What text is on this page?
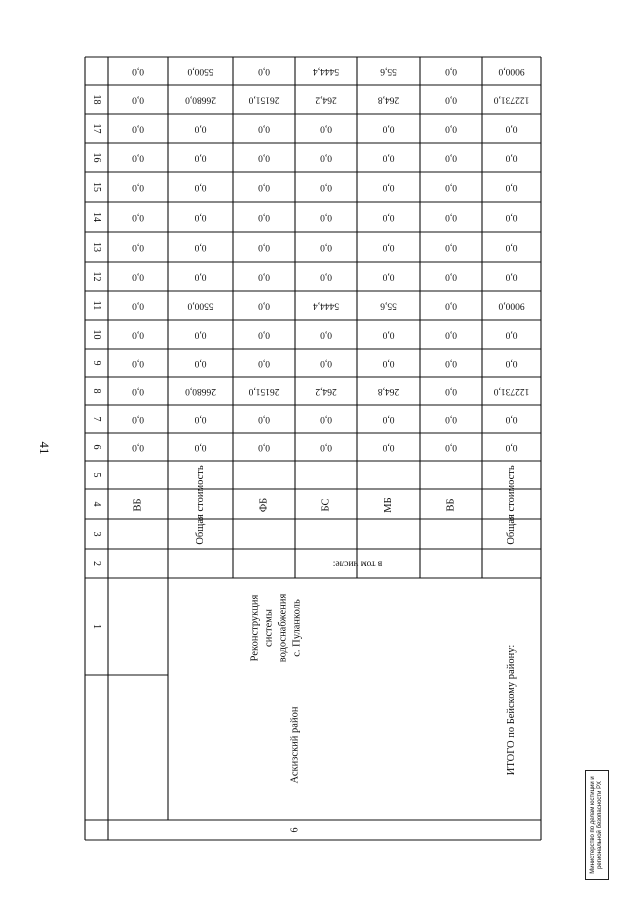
41
1
2
3
4
5
6
7
8
9
10
11
12
13
14
15
16
17
18
0,0
0,0
0,0
0,0
0,0
0,0
0,0
0,0
0,0
0,0
0,0
0,0
0,0
0,0
ВБ
5500,0
26680,0
0,0
0,0
0,0
0,0
0,0
0,0
5500,0
0,0
0,0
26680,0
0,0
0,0
Общая стоимость
0,0
26151,0
0,0
0,0
0,0
0,0
0,0
0,0
0,0
0,0
0,0
26151,0
0,0
0,0
ФБ
5444,4
264,2
0,0
0,0
0,0
0,0
0,0
0,0
5444,4
0,0
0,0
264,2
0,0
0,0
БС
55,6
264,8
0,0
0,0
0,0
0,0
0,0
0,0
55,6
0,0
0,0
264,8
0,0
0,0
МБ
0,0
0,0
0,0
0,0
0,0
0,0
0,0
0,0
0,0
0,0
0,0
0,0
0,0
0,0
ВБ
в том числе:
6
Аскизский район
Реконструкция системы водоснабжения с. Пуланколь
9000,0
122731,0
0,0
0,0
0,0
0,0
0,0
0,0
9000,0
0,0
0,0
122731,0
0,0
0,0
Общая стоимость
ИТОГО по Бейскому району:
Министерство по делам юстиции и региональной безопасности РХ
